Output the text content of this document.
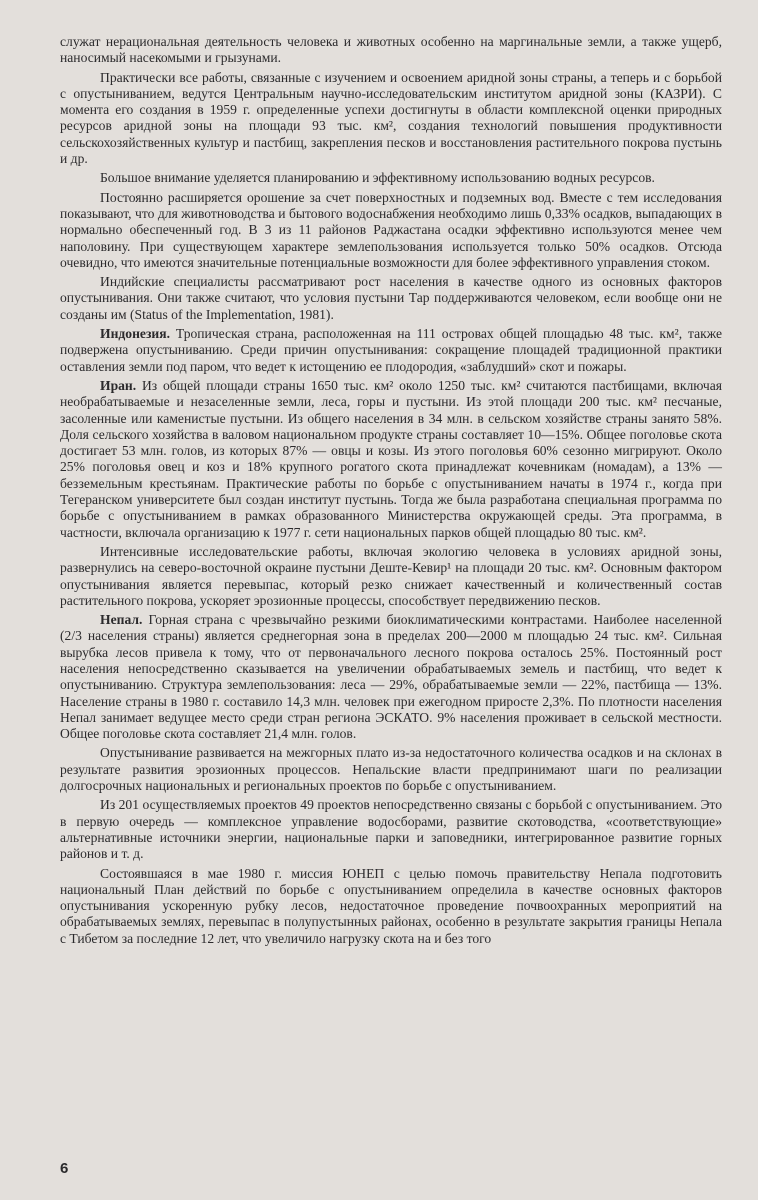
служат нерациональная деятельность человека и животных особенно на маргинальные земли, а также ущерб, наносимый насекомыми и грызунами.

Практически все работы, связанные с изучением и освоением аридной зоны страны, а теперь и с борьбой с опустыниванием, ведутся Центральным научно-исследовательским институтом аридной зоны (КАЗРИ). С момента его создания в 1959 г. определенные успехи достигнуты в области комплексной оценки природных ресурсов аридной зоны на площади 93 тыс. км², создания технологий повышения продуктивности сельскохозяйственных культур и пастбищ, закрепления песков и восстановления растительного покрова пустынь и др.

Большое внимание уделяется планированию и эффективному использованию водных ресурсов.

Постоянно расширяется орошение за счет поверхностных и подземных вод. Вместе с тем исследования показывают, что для животноводства и бытового водоснабжения необходимо лишь 0,33% осадков, выпадающих в нормально обеспеченный год. В 3 из 11 районов Раджастана осадки эффективно используются менее чем наполовину. При существующем характере землепользования используется только 50% осадков. Отсюда очевидно, что имеются значительные потенциальные возможности для более эффективного управления стоком.

Индийские специалисты рассматривают рост населения в качестве одного из основных факторов опустынивания. Они также считают, что условия пустыни Тар поддерживаются человеком, если вообще они не созданы им (Status of the Implementation, 1981).

Индонезия. Тропическая страна, расположенная на 111 островах общей площадью 48 тыс. км², также подвержена опустыниванию. Среди причин опустынивания: сокращение площадей традиционной практики оставления земли под паром, что ведет к истощению ее плодородия, «заблудший» скот и пожары.

Иран. Из общей площади страны 1650 тыс. км² около 1250 тыс. км² считаются пастбищами, включая необрабатываемые и незаселенные земли, леса, горы и пустыни. Из этой площади 200 тыс. км² песчаные, засоленные или каменистые пустыни. Из общего населения в 34 млн. в сельском хозяйстве страны занято 58%. Доля сельского хозяйства в валовом национальном продукте страны составляет 10—15%. Общее поголовье скота достигает 53 млн. голов, из которых 87% — овцы и козы. Из этого поголовья 60% сезонно мигрируют. Около 25% поголовья овец и коз и 18% крупного рогатого скота принадлежат кочевникам (номадам), а 13% — безземельным крестьянам. Практические работы по борьбе с опустыниванием начаты в 1974 г., когда при Тегеранском университете был создан институт пустынь. Тогда же была разработана специальная программа по борьбе с опустыниванием в рамках образованного Министерства окружающей среды. Эта программа, в частности, включала организацию к 1977 г. сети национальных парков общей площадью 80 тыс. км².

Интенсивные исследовательские работы, включая экологию человека в условиях аридной зоны, развернулись на северо-восточной окраине пустыни Деште-Кевир¹ на площади 20 тыс. км². Основным фактором опустынивания является перевыпас, который резко снижает качественный и количественный состав растительного покрова, ускоряет эрозионные процессы, способствует передвижению песков.

Непал. Горная страна с чрезвычайно резкими биоклиматическими контрастами. Наиболее населенной (2/3 населения страны) является среднегорная зона в пределах 200—2000 м площадью 24 тыс. км². Сильная вырубка лесов привела к тому, что от первоначального лесного покрова осталось 25%. Постоянный рост населения непосредственно сказывается на увеличении обрабатываемых земель и пастбищ, что ведет к опустыниванию. Структура землепользования: леса — 29%, обрабатываемые земли — 22%, пастбища — 13%. Население страны в 1980 г. составило 14,3 млн. человек при ежегодном приросте 2,3%. По плотности населения Непал занимает ведущее место среди стран региона ЭСКАТО. 9% населения проживает в сельской местности. Общее поголовье скота составляет 21,4 млн. голов.

Опустынивание развивается на межгорных плато из-за недостаточного количества осадков и на склонах в результате развития эрозионных процессов. Непальские власти предпринимают шаги по реализации долгосрочных национальных и региональных проектов по борьбе с опустыниванием.

Из 201 осуществляемых проектов 49 проектов непосредственно связаны с борьбой с опустыниванием. Это в первую очередь — комплексное управление водосборами, развитие скотоводства, «соответствующие» альтернативные источники энергии, национальные парки и заповедники, интегрированное развитие горных районов и т. д.

Состоявшаяся в мае 1980 г. миссия ЮНЕП с целью помочь правительству Непала подготовить национальный План действий по борьбе с опустыниванием определила в качестве основных факторов опустынивания ускоренную рубку лесов, недостаточное проведение почвоохранных мероприятий на обрабатываемых землях, перевыпас в полупустынных районах, особенно в результате закрытия границы Непала с Тибетом за последние 12 лет, что увеличило нагрузку скота на и без того

6
